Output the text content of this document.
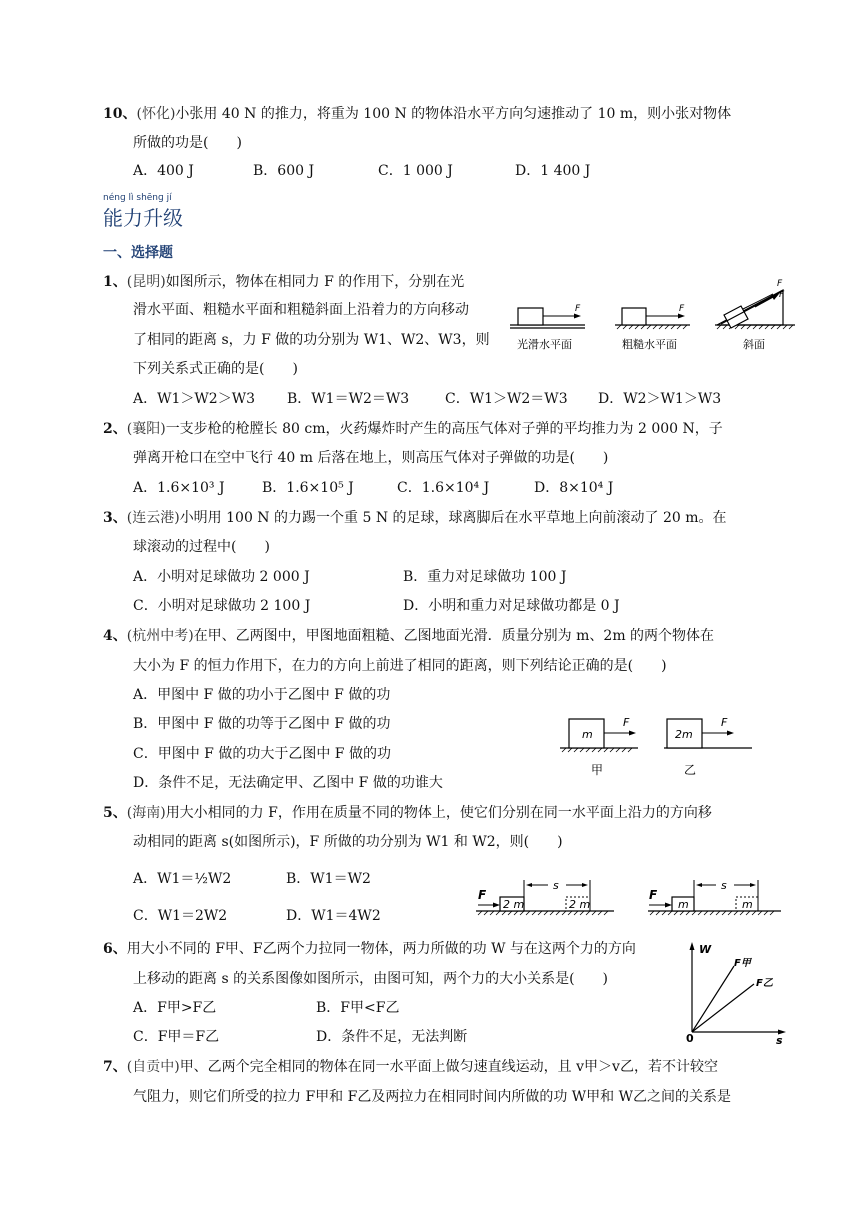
10、(怀化)小张用 40 N 的推力，将重为 100 N 的物体沿水平方向匀速推动了 10 m，则小张对物体
所做的功是(　　)
A．400 J	B．600 J	C．1 000 J	D．1 400 J
nénɡ lì shēnɡ jí
能力升级
一、选择题
1、(昆明)如图所示，物体在相同力 F 的作用下，分别在光
滑水平面、粗糙水平面和粗糙斜面上沿着力的方向移动
了相同的距离 s，力 F 做的功分别为 W1、W2、W3，则
下列关系式正确的是(　　)
A．W1＞W2＞W3 B．W1＝W2＝W3	C．W1＞W2＝W3 D．W2＞W1＞W3
F
光滑水平面
F
粗糙水平面
F
斜面
F
2、(襄阳)一支步枪的枪膛长 80 cm，火药爆炸时产生的高压气体对子弹的平均推力为 2 000 N，子
弹离开枪口在空中飞行 40 m 后落在地上，则高压气体对子弹做的功是(　　)
A．1.6×10³ J	B．1.6×10⁵ J	C．1.6×10⁴ J	D．8×10⁴ J
3、(连云港)小明用 100 N 的力踢一个重 5 N 的足球，球离脚后在水平草地上向前滚动了 20 m。在
球滚动的过程中(　　)
A．小明对足球做功 2 000 J	B．重力对足球做功 100 J
C．小明对足球做功 2 100 J	D．小明和重力对足球做功都是 0 J
4、(杭州中考)在甲、乙两图中，甲图地面粗糙、乙图地面光滑．质量分别为 m、2m 的两个物体在
大小为 F 的恒力作用下，在力的方向上前进了相同的距离，则下列结论正确的是(　　)
A．甲图中 F 做的功小于乙图中 F 做的功
B．甲图中 F 做的功等于乙图中 F 做的功
C．甲图中 F 做的功大于乙图中 F 做的功
D．条件不足，无法确定甲、乙图中 F 做的功谁大
m
F
甲
2m
F
乙
5、(海南)用大小相同的力 F，作用在质量不同的物体上，使它们分别在同一水平面上沿力的方向移
动相同的距离 s(如图所示)，F 所做的功分别为 W1 和 W2，则(　　)
A．W1＝½W2	B．W1＝W2
C．W1＝2W2	D．W1＝4W2
F
2 m
s
2 m
F
m
s
m
6、用大小不同的 F甲、F乙两个力拉同一物体，两力所做的功 W 与在这两个力的方向
上移动的距离 s 的关系图像如图所示，由图可知，两个力的大小关系是(　　)
A．F甲>F乙	B．F甲<F乙
C．F甲＝F乙	D．条件不足，无法判断
W
s
0
F甲
F乙
7、(自贡中)甲、乙两个完全相同的物体在同一水平面上做匀速直线运动，且 v甲＞v乙，若不计较空
气阻力，则它们所受的拉力 F甲和 F乙及两拉力在相同时间内所做的功 W甲和 W乙之间的关系是
